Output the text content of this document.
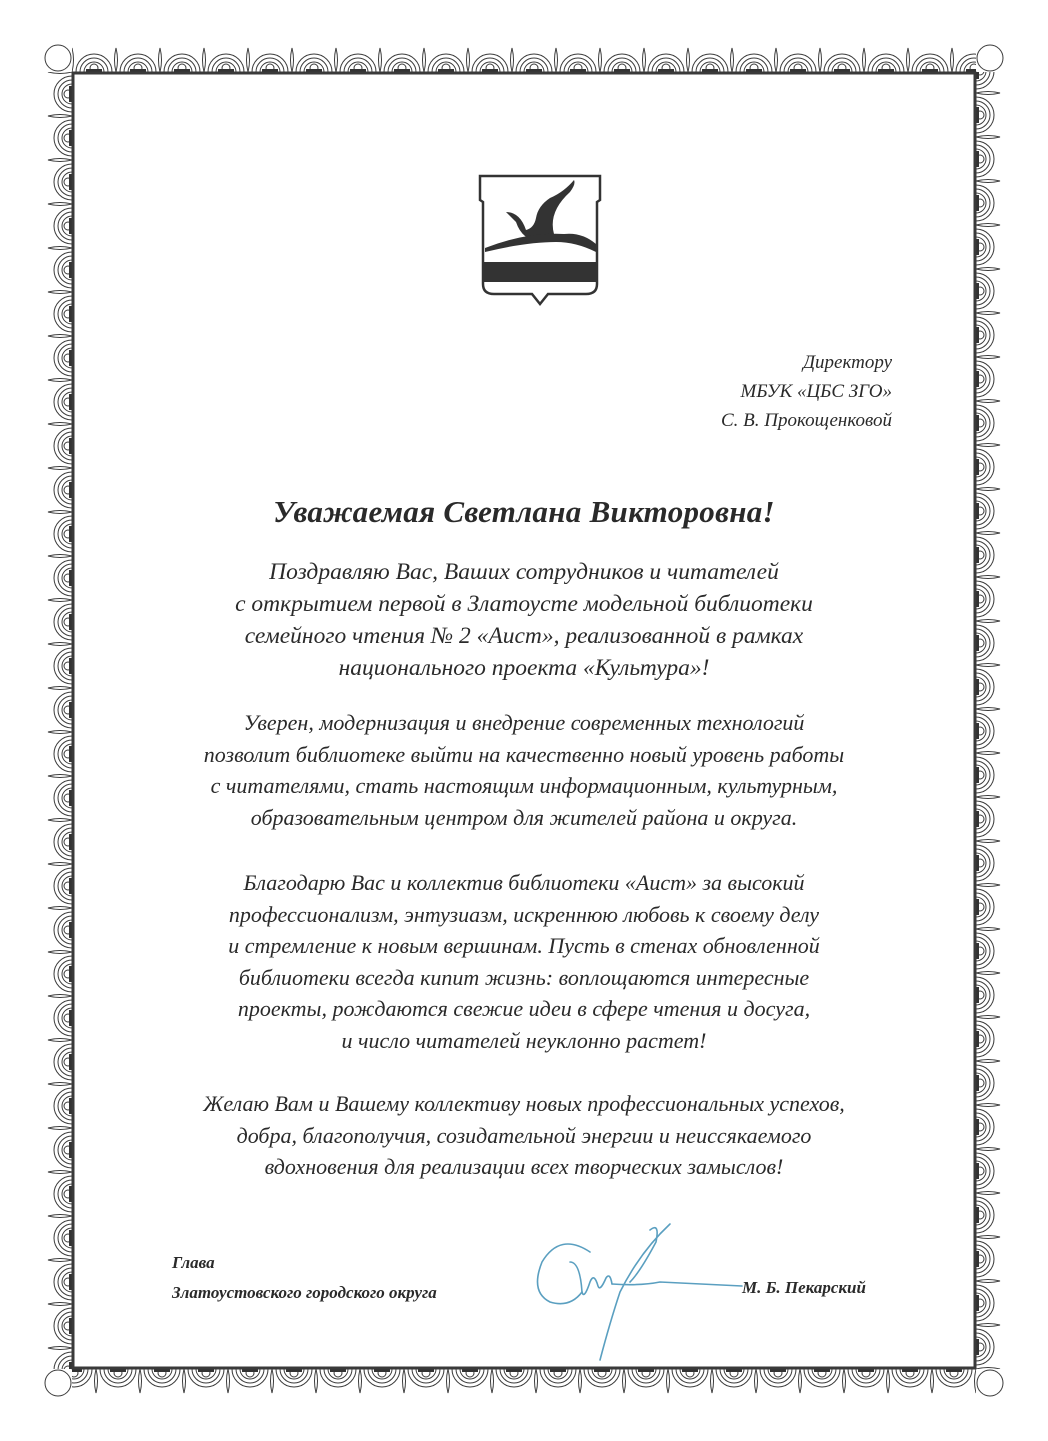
Директору
МБУК «ЦБС ЗГО»
С. В. Прокощенковой
Уважаемая Светлана Викторовна!
Поздравляю Вас, Ваших сотрудников и читателей
с открытием первой в Златоусте модельной библиотеки
семейного чтения № 2 «Аист», реализованной в рамках
национального проекта «Культура»!
Уверен, модернизация и внедрение современных технологий
позволит библиотеке выйти на качественно новый уровень работы
с читателями, стать настоящим информационным, культурным,
образовательным центром для жителей района и округа.
Благодарю Вас и коллектив библиотеки «Аист» за высокий
профессионализм, энтузиазм, искреннюю любовь к своему делу
и стремление к новым вершинам. Пусть в стенах обновленной
библиотеки всегда кипит жизнь: воплощаются интересные
проекты, рождаются свежие идеи в сфере чтения и досуга,
и число читателей неуклонно растет!
Желаю Вам и Вашему коллективу новых профессиональных успехов,
добра, благополучия, созидательной энергии и неиссякаемого
вдохновения для реализации всех творческих замыслов!
Глава
Златоустовского городского округа	М. Б. Пекарский
